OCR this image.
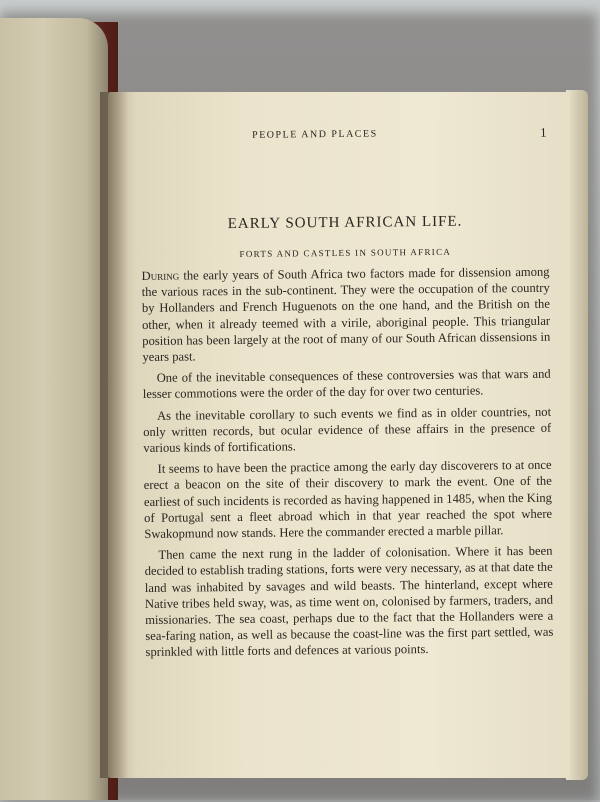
PEOPLE AND PLACES	1
EARLY SOUTH AFRICAN LIFE.
FORTS AND CASTLES IN SOUTH AFRICA

During the early years of South Africa two factors made for dissension among the various races in the sub-continent. They were the occupation of the country by Hollanders and French Huguenots on the one hand, and the British on the other, when it already teemed with a virile, aboriginal people. This triangular position has been largely at the root of many of our South African dissensions in years past.

One of the inevitable consequences of these controversies was that wars and lesser commotions were the order of the day for over two centuries.

As the inevitable corollary to such events we find as in older countries, not only written records, but ocular evidence of these affairs in the presence of various kinds of fortifications.

It seems to have been the practice among the early day discoverers to at once erect a beacon on the site of their discovery to mark the event. One of the earliest of such incidents is recorded as having happened in 1485, when the King of Portugal sent a fleet abroad which in that year reached the spot where Swakopmund now stands. Here the commander erected a marble pillar.

Then came the next rung in the ladder of colonisation. Where it has been decided to establish trading stations, forts were very necessary, as at that date the land was inhabited by savages and wild beasts. The hinterland, except where Native tribes held sway, was, as time went on, colonised by farmers, traders, and missionaries. The sea coast, perhaps due to the fact that the Hollanders were a sea-faring nation, as well as because the coast-line was the first part settled, was sprinkled with little forts and defences at various points.
